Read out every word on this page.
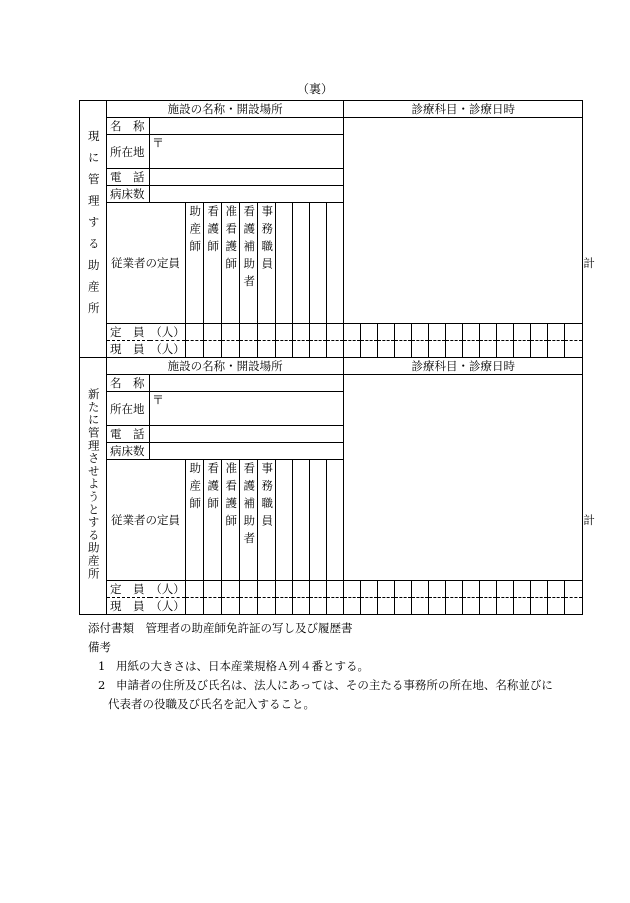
（裏）
現に管理する助産所	施設の名称・開設場所											診療科目・診療日時														
	名　称																									
	所在地	〒																								
	電　話																									
	病床数																									
	従業者の定員		助産師	看護師	准看護師	看護補助者	事務職員																			計
	定　員　（人）																									
	現　員　（人）																									
新たに管理させようとする助産所	施設の名称・開設場所											診療科目・診療日時														
	名　称																									
	所在地	〒																								
	電　話																									
	病床数																									
	従業者の定員		助産師	看護師	准看護師	看護補助者	事務職員																			計
	定　員　（人）																									
	現　員　（人）																									
添付書類　管理者の助産師免許証の写し及び履歴書
備考
1 用紙の大きさは、日本産業規格Ａ列４番とする。
2 申請者の住所及び氏名は、法人にあっては、その主たる事務所の所在地、名称並びに代表者の役職及び氏名を記入すること。
